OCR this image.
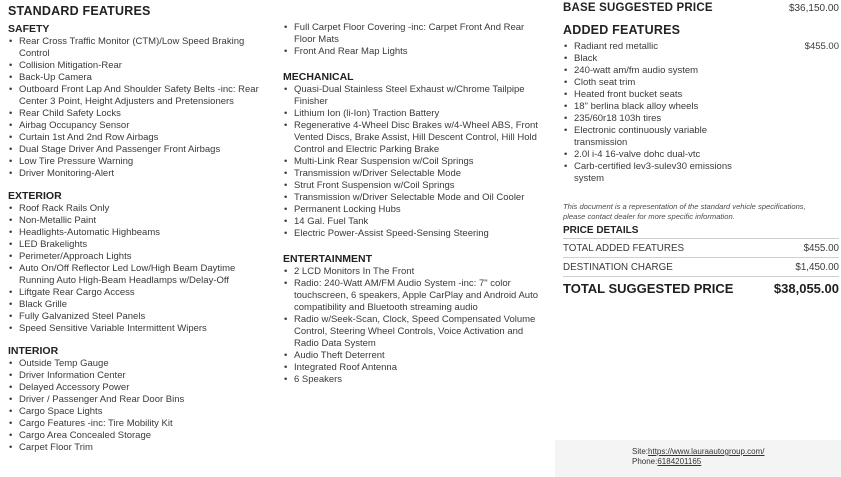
STANDARD FEATURES
SAFETY
• Rear Cross Traffic Monitor (CTM)/Low Speed Braking Control
• Collision Mitigation-Rear
• Back-Up Camera
• Outboard Front Lap And Shoulder Safety Belts -inc: Rear Center 3 Point, Height Adjusters and Pretensioners
• Rear Child Safety Locks
• Airbag Occupancy Sensor
• Curtain 1st And 2nd Row Airbags
• Dual Stage Driver And Passenger Front Airbags
• Low Tire Pressure Warning
• Driver Monitoring-Alert
EXTERIOR
• Roof Rack Rails Only
• Non-Metallic Paint
• Headlights-Automatic Highbeams
• LED Brakelights
• Perimeter/Approach Lights
• Auto On/Off Reflector Led Low/High Beam Daytime Running Auto High-Beam Headlamps w/Delay-Off
• Liftgate Rear Cargo Access
• Black Grille
• Fully Galvanized Steel Panels
• Speed Sensitive Variable Intermittent Wipers
INTERIOR
• Outside Temp Gauge
• Driver Information Center
• Delayed Accessory Power
• Driver / Passenger And Rear Door Bins
• Cargo Space Lights
• Cargo Features -inc: Tire Mobility Kit
• Cargo Area Concealed Storage
• Carpet Floor Trim
• Full Carpet Floor Covering -inc: Carpet Front And Rear Floor Mats
• Front And Rear Map Lights
MECHANICAL
• Quasi-Dual Stainless Steel Exhaust w/Chrome Tailpipe Finisher
• Lithium Ion (li-Ion) Traction Battery
• Regenerative 4-Wheel Disc Brakes w/4-Wheel ABS, Front Vented Discs, Brake Assist, Hill Descent Control, Hill Hold Control and Electric Parking Brake
• Multi-Link Rear Suspension w/Coil Springs
• Transmission w/Driver Selectable Mode
• Strut Front Suspension w/Coil Springs
• Transmission w/Driver Selectable Mode and Oil Cooler
• Permanent Locking Hubs
• 14 Gal. Fuel Tank
• Electric Power-Assist Speed-Sensing Steering
ENTERTAINMENT
• 2 LCD Monitors In The Front
• Radio: 240-Watt AM/FM Audio System -inc: 7" color touchscreen, 6 speakers, Apple CarPlay and Android Auto compatibility and Bluetooth streaming audio
• Radio w/Seek-Scan, Clock, Speed Compensated Volume Control, Steering Wheel Controls, Voice Activation and Radio Data System
• Audio Theft Deterrent
• Integrated Roof Antenna
• 6 Speakers
BASE SUGGESTED PRICE	$36,150.00
ADDED FEATURES
• Radiant red metallic	$455.00
• Black
• 240-watt am/fm audio system
• Cloth seat trim
• Heated front bucket seats
• 18" berlina black alloy wheels
• 235/60r18 103h tires
• Electronic continuously variable transmission
• 2.0l i-4 16-valve dohc dual-vtc
• Carb-certified lev3-sulev30 emissions system
This document is a representation of the standard vehicle specifications, please contact dealer for more specific information.
PRICE DETAILS
TOTAL ADDED FEATURES	$455.00
DESTINATION CHARGE	$1,450.00
TOTAL SUGGESTED PRICE	$38,055.00
Site:https://www.lauraautogroup.com/
Phone:6184201165
